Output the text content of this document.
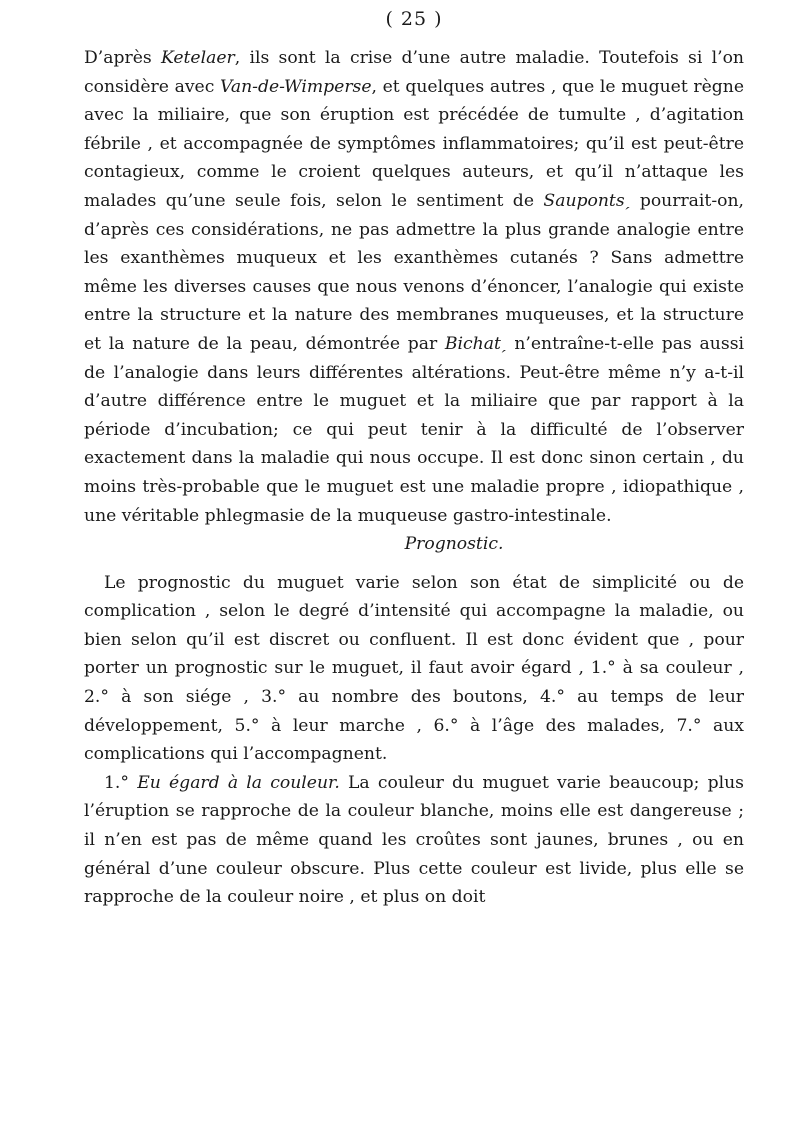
( 25 )

D’après Ketelaer, ils sont la crise d’une autre maladie. Toutefois si l’on considère avec Van-de-Wimperse, et quelques autres , que le muguet règne avec la miliaire, que son éruption est précédée de tumulte , d’agitation fébrile , et accompagnée de symptômes inflammatoires; qu’il est peut-être contagieux, comme le croient quelques auteurs, et qu’il n’attaque les malades qu’une seule fois, selon le sentiment de Saupontsˏ pourrait-on, d’après ces considérations, ne pas admettre la plus grande analogie entre les exanthèmes muqueux et les exanthèmes cutanés ? Sans admettre même les diverses causes que nous venons d’énoncer, l’analogie qui existe entre la structure et la nature des membranes muqueuses, et la structure et la nature de la peau, démontrée par Bichatˏ n’entraîne-t-elle pas aussi de l’analogie dans leurs différentes altérations. Peut-être même n’y a-t-il d’autre différence entre le muguet et la miliaire que par rapport à la période d’incubation; ce qui peut tenir à la difficulté de l’observer exactement dans la maladie qui nous occupe. Il est donc sinon certain , du moins très-probable que le muguet est une maladie propre , idiopathique , une véritable phlegmasie de la muqueuse gastro-intestinale.

Prognostic.

Le prognostic du muguet varie selon son état de simplicité ou de complication , selon le degré d’intensité qui accompagne la maladie, ou bien selon qu’il est discret ou confluent. Il est donc évident que , pour porter un prognostic sur le muguet, il faut avoir égard , 1.° à sa couleur , 2.° à son siége , 3.° au nombre des boutons, 4.° au temps de leur développement, 5.° à leur marche , 6.° à l’âge des malades, 7.° aux complications qui l’accompagnent.

1.° Eu égard à la couleur. La couleur du muguet varie beaucoup; plus l’éruption se rapproche de la couleur blanche, moins elle est dangereuse ; il n’en est pas de même quand les croûtes sont jaunes, brunes , ou en général d’une couleur obscure. Plus cette couleur est livide, plus elle se rapproche de la couleur noire , et plus on doit
